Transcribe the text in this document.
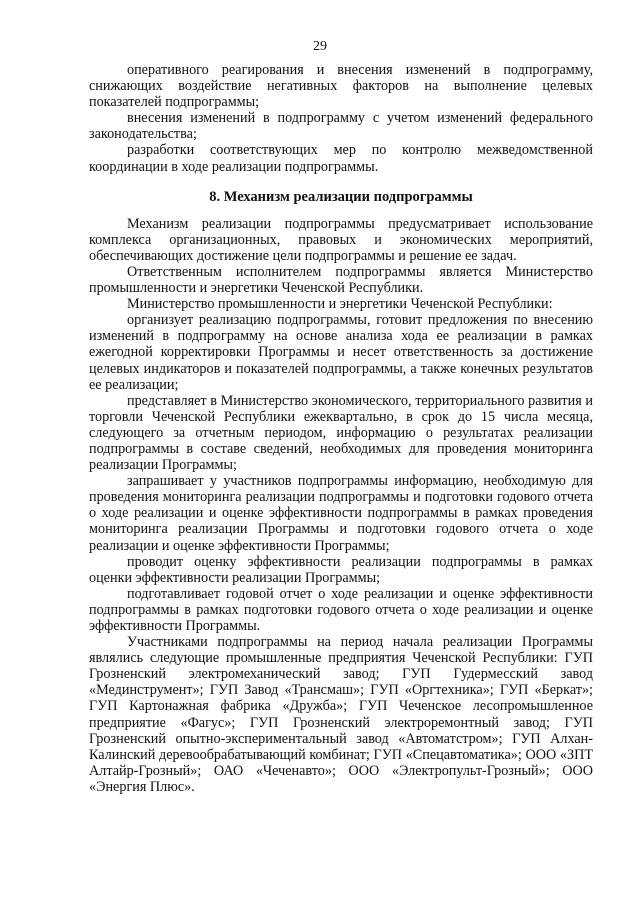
29

оперативного реагирования и внесения изменений в подпрограмму, снижающих воздействие негативных факторов на выполнение целевых показателей подпрограммы;

внесения изменений в подпрограмму с учетом изменений федерального законодательства;

разработки соответствующих мер по контролю межведомственной координации в ходе реализации подпрограммы.

8. Механизм реализации подпрограммы

Механизм реализации подпрограммы предусматривает использование комплекса организационных, правовых и экономических мероприятий, обеспечивающих достижение цели подпрограммы и решение ее задач.

Ответственным исполнителем подпрограммы является Министерство промышленности и энергетики Чеченской Республики.

Министерство промышленности и энергетики Чеченской Республики:

организует реализацию подпрограммы, готовит предложения по внесению изменений в подпрограмму на основе анализа хода ее реализации в рамках ежегодной корректировки Программы и несет ответственность за достижение целевых индикаторов и показателей подпрограммы, а также конечных результатов ее реализации;

представляет в Министерство экономического, территориального развития и торговли Чеченской Республики ежеквартально, в срок до 15 числа месяца, следующего за отчетным периодом, информацию о результатах реализации подпрограммы в составе сведений, необходимых для проведения мониторинга реализации Программы;

запрашивает у участников подпрограммы информацию, необходимую для проведения мониторинга реализации подпрограммы и подготовки годового отчета о ходе реализации и оценке эффективности подпрограммы в рамках проведения мониторинга реализации Программы и подготовки годового отчета о ходе реализации и оценке эффективности Программы;

проводит оценку эффективности реализации подпрограммы в рамках оценки эффективности реализации Программы;

подготавливает годовой отчет о ходе реализации и оценке эффективности подпрограммы в рамках подготовки годового отчета о ходе реализации и оценке эффективности Программы.

Участниками подпрограммы на период начала реализации Программы являлись следующие промышленные предприятия Чеченской Республики: ГУП Грозненский электромеханический завод; ГУП Гудермесский завод «Мединструмент»; ГУП Завод «Трансмаш»; ГУП «Оргтехника»; ГУП «Беркат»; ГУП Картонажная фабрика «Дружба»; ГУП Чеченское лесопромышленное предприятие «Фагус»; ГУП Грозненский электроремонтный завод; ГУП Грозненский опытно-экспериментальный завод «Автоматстром»; ГУП Алхан-Калинский деревообрабатывающий комбинат; ГУП «Спецавтоматика»; ООО «ЗПТ Алтайр-Грозный»; ОАО «Чеченавто»; ООО «Электропульт-Грозный»; ООО «Энергия Плюс».
